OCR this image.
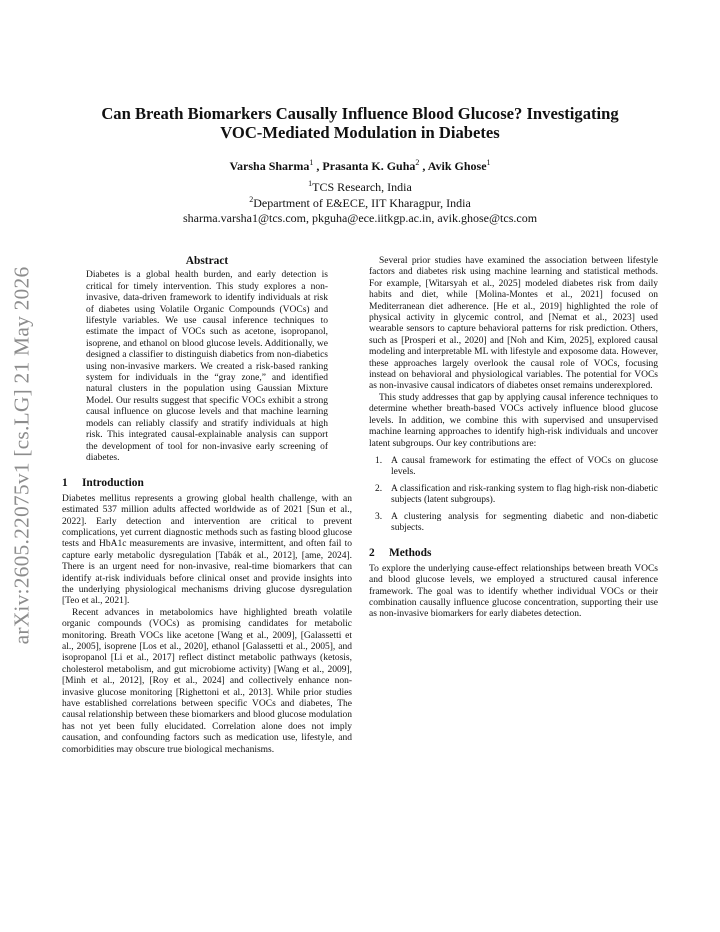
arXiv:2605.22075v1 [cs.LG] 21 May 2026
Can Breath Biomarkers Causally Influence Blood Glucose? Investigating
VOC-Mediated Modulation in Diabetes
Varsha Sharma$^1$ , Prasanta K. Guha$^2$ , Avik Ghose$^1$
$^1$TCS Research, India
$^2$Department of E&ECE, IIT Kharagpur, India
sharma.varsha1@tcs.com, pkguha@ece.iitkgp.ac.in, avik.ghose@tcs.com
Abstract

Diabetes is a global health burden, and early detection is critical for timely intervention. This study explores a non-invasive, data-driven framework to identify individuals at risk of diabetes using Volatile Organic Compounds (VOCs) and lifestyle variables. We use causal inference techniques to estimate the impact of VOCs such as acetone, isopropanol, isoprene, and ethanol on blood glucose levels. Additionally, we designed a classifier to distinguish diabetics from non-diabetics using non-invasive markers. We created a risk-based ranking system for individuals in the “gray zone,” and identified natural clusters in the population using Gaussian Mixture Model. Our results suggest that specific VOCs exhibit a strong causal influence on glucose levels and that machine learning models can reliably classify and stratify individuals at high risk. This integrated causal-explainable analysis can support the development of tool for non-invasive early screening of diabetes.

1 Introduction

Diabetes mellitus represents a growing global health challenge, with an estimated 537 million adults affected worldwide as of 2021 [Sun et al., 2022]. Early detection and intervention are critical to prevent complications, yet current diagnostic methods such as fasting blood glucose tests and HbA1c measurements are invasive, intermittent, and often fail to capture early metabolic dysregulation [Tabák et al., 2012], [ame, 2024]. There is an urgent need for non-invasive, real-time biomarkers that can identify at-risk individuals before clinical onset and provide insights into the underlying physiological mechanisms driving glucose dysregulation [Teo et al., 2021].

Recent advances in metabolomics have highlighted breath volatile organic compounds (VOCs) as promising candidates for metabolic monitoring. Breath VOCs like acetone [Wang et al., 2009], [Galassetti et al., 2005], isoprene [Los et al., 2020], ethanol [Galassetti et al., 2005], and isopropanol [Li et al., 2017] reflect distinct metabolic pathways (ketosis, cholesterol metabolism, and gut microbiome activity) [Wang et al., 2009], [Minh et al., 2012], [Roy et al., 2024] and collectively enhance non-invasive glucose monitoring [Righettoni et al., 2013]. While prior studies have established correlations between specific VOCs and diabetes, The causal relationship between these biomarkers and blood glucose modulation has not yet been fully elucidated. Correlation alone does not imply causation, and confounding factors such as medication use, lifestyle, and comorbidities may obscure true biological mechanisms.

Several prior studies have examined the association between lifestyle factors and diabetes risk using machine learning and statistical methods. For example, [Witarsyah et al., 2025] modeled diabetes risk from daily habits and diet, while [Molina-Montes et al., 2021] focused on Mediterranean diet adherence. [He et al., 2019] highlighted the role of physical activity in glycemic control, and [Nemat et al., 2023] used wearable sensors to capture behavioral patterns for risk prediction. Others, such as [Prosperi et al., 2020] and [Noh and Kim, 2025], explored causal modeling and interpretable ML with lifestyle and exposome data. However, these approaches largely overlook the causal role of VOCs, focusing instead on behavioral and physiological variables. The potential for VOCs as non-invasive causal indicators of diabetes onset remains underexplored.

This study addresses that gap by applying causal inference techniques to determine whether breath-based VOCs actively influence blood glucose levels. In addition, we combine this with supervised and unsupervised machine learning approaches to identify high-risk individuals and uncover latent subgroups. Our key contributions are:

1. A causal framework for estimating the effect of VOCs on glucose levels.
2. A classification and risk-ranking system to flag high-risk non-diabetic subjects (latent subgroups).
3. A clustering analysis for segmenting diabetic and non-diabetic subjects.
2 Methods

To explore the underlying cause-effect relationships between breath VOCs and blood glucose levels, we employed a structured causal inference framework. The goal was to identify whether individual VOCs or their combination causally influence glucose concentration, supporting their use as non-invasive biomarkers for early diabetes detection.
